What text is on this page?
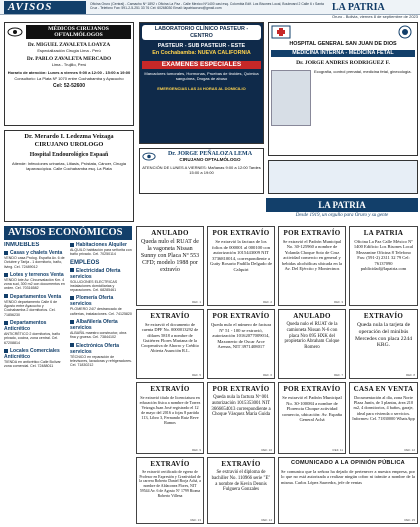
AVISOS	Oficina Oruro (Central) - Camacho Nº 1892 • Oficina La Paz - Calle Mexico Nº1400 casi esq. Colombia Edif. Los Bisones Local, Boulevard 2 Calle 6 • Santa Cruz - Telefono Fax: 591-2-5-251 33 76 Cel: 60268030 Email: lapatriaoruro@gmail.com	LA PATRIA
Oruro - Bolivia, viernes 8 de septiembre de 2023
MÉDICOS CIRUJANOS OFTALMÓLOGOS
Dr. MIGUEL ZAVALETA LOAYZA
Especialización Cirugía Lima - Perú
Dr. PABLO ZAVALETA MERCADO
Lima - Trujillo, Perú
Horario de atención: Lunes a viernes 9:00 a 12:00 - 15:00 a 19:00
Consultorio: La Plata Nº 1070 entre Cochabamba y Ayacucho
Cel: 52-52600
Dr. Merardo I. Ledezma Veizaga
CIRUJANO UROLOGO
Hospital Endourológico Espaañ
Atiende: Infecciones urinarias, Litiasis, Próstata, Cáncer, Cirugía laparoscópica. Calle Cochabamba esq. La Plata
LABORATORIO CLÍNICO PASTEUR - CENTRO
PASTEUR - SUB PASTEUR - ESTE
En Cochabamba: NUEVA CALIFORNIA
EXAMENES ESPECIALES
Marcadores tumorales, Hormonas, Pruebas de tiroides, Química sanguínea, Drogas de abuso
EMERGENCIAS LAS 24 HORAS AL DOMICILIO
Dr. JORGE PEÑALOZA LEMA
CIRUJANO OFTALMÓLOGO
ATENCIÓN DE LUNES A VIERNES: Mañanas 9:00 a 12:00 Tardes 15:00 a 19:00
HOSPITAL GENERAL SAN JUAN DE DIOS
MEDICINA INTERNA - MEDICINA FETAL
Dr. JORGE ANDRES RODRIGUEZ F.
Ecografía, control prenatal, medicina fetal, ginecología.
LA PATRIA
Desde 1919, un orgullo para Oruro y su gente
AVISOS ECONÓMICOS
INMUEBLES
Casas y chalets Venta
VENDO casa Prolog. España Av. 6 de Octubre y Tarija - 1 dormitorio, baño, living. Cel. 72489012
Lotes y terrenos Venta
VENDO lote Av. Circunvalación Km. 4 zona sud, 300 m2 con documentos en orden. Cel. 70316582
Departamentos Venta
VENDO departamento Calle 6 de Agosto entre Ayacucho y Cochabamba 2 dormitorios. Cel. 71856230
Departamentos Anticrético
ANTICRÉTICO 2 dormitorios, baño privado, cocina, zona central. Cel. 67208814
Locales Comerciales Anticrético
TIENDA en anticrético Calle Bolívar zona comercial. Cel. 72488011
Habitaciones Alquiler
ALQUILO habitación para señorita con baño privado. Cel. 70250114
EMPLEOS
Electricidad Oferta servicios
SOLUCIONES ELECTRICAS instalaciones domiciliarias y reparaciones. Cel. 68285461
Plomería Oferta servicios
PLOMERO 24/7 destrancado de cañerías, instalaciones. Cel. 74125820
Albañilería Oferta servicios
ALBAÑIL maestro constructor, obra fina y gruesa. Cel. 73844102
Electrónica Oferta servicios
TÉCNICO en reparación de televisores, lavadoras y refrigeradores. Cel. 71830212
ANULADO
Queda nulo el RUAT de la vagoneta Nissan Sunny con Placa Nº 553 CFD; modelo 1988 por extravío
REF. 1
POR EXTRAVÍO
Se extravió la factura de los folios de 000001 al 000100 con autorización 1015443009 NIT 3736810014, correspondiente a Gutty Rosario Padilla Delgado de Calquiri
REF. 2
POR EXTRAVÍO
Se extravió el Padrón Municipal No. 30-125960 a nombre de Yolanda Choque Soto de Cruz actividad comercio en general y bebidas alcohólicas ubicada en la Av. Del Ejército y Montecinos
REF. 3
LA PATRIA
Oficina La Paz Calle México Nº 1400 Edificio Los Bisones Local Mezzanine Oficina 8 Telefono Fax: (591-2) 2311 32 79 Cel: 76137090 publicidad@lapatria.com
EXTRAVÍO
Se extravió el documento de cuenta DPF No. 0000013292 de dólares 5818 a nombre de Gutiérrez Flores Mariana de la Cooperativa de Ahorro y Crédito Abierta Asunción R.L.
REF. 5
POR EXTRAVÍO
Queda nulo el número de factura Nº 51 - 100 se extravió, autorización 10162077009014, Maxonerio de Oscar Arce Arenas, NIT 3971408017
REF. 6
ANULADO
Queda nulo el RUAT de la camioneta Nissan N-6 con placa Nro 095 HXK del propietario Abraham Colque Romero
REF. 7
EXTRAVÍO
Queda nula la tarjeta de operación del minibús Mercedes con placa 2244 KRG.
REF. 8
EXTRAVÍO
Se extravió título de licenciatura en educación física a nombre de Torrez Veizaga Juan José registrado el 12 de mayo del 2016 a fojas 8 partida 113, Libro 3, Fernando Ruiz Reve Ramos
REF. 9
POR EXTRAVÍO
Queda nula la factura Nº 001 autorización 1015353001 NIT 3666654013 correspondiente a Choque Vásquez María Guida
REF. 10
POR EXTRAVÍO
Se extravió el Padrón Municipal No. 30-100084 a nombre de Florencia Choque actividad comercio, ubicación: Av. España General Achá
REF. 11
CASA EN VENTA
Documentación al día, zona Norte Plaza Junín, de 3 plantas, área 210 m2, 4 dormitorios, 4 baños, garaje, ideal para vivienda o servicios. Informes: Cel. 71830000 WhatsApp
REF. 12
EXTRAVÍO
Se extravió certificado de egreso de Profesor en Expresión y Creatividad de la carrera Roberto Daniel Borja Achá, a nombre de Aldaconea Flores, NIT 59544 Av. 6 de Agosto Nº 1799 Rioma Roberto Villena
REF. 13
EXTRAVÍO
Se extravió el diploma de bachiller No. 110966 serie "E" a nombre de Kevin Dennis Fulguera Gonzales
REF. 14
COMUNICADO A LA OPINIÓN PÚBLICA
Se comunica que la señora ha dejado de pertenecer a nuestra empresa, por lo que no está autorizada a realizar ningún cobro ni trámite a nombre de la misma. Carlos López Saavedra, jefe de ventas
REF. 15
